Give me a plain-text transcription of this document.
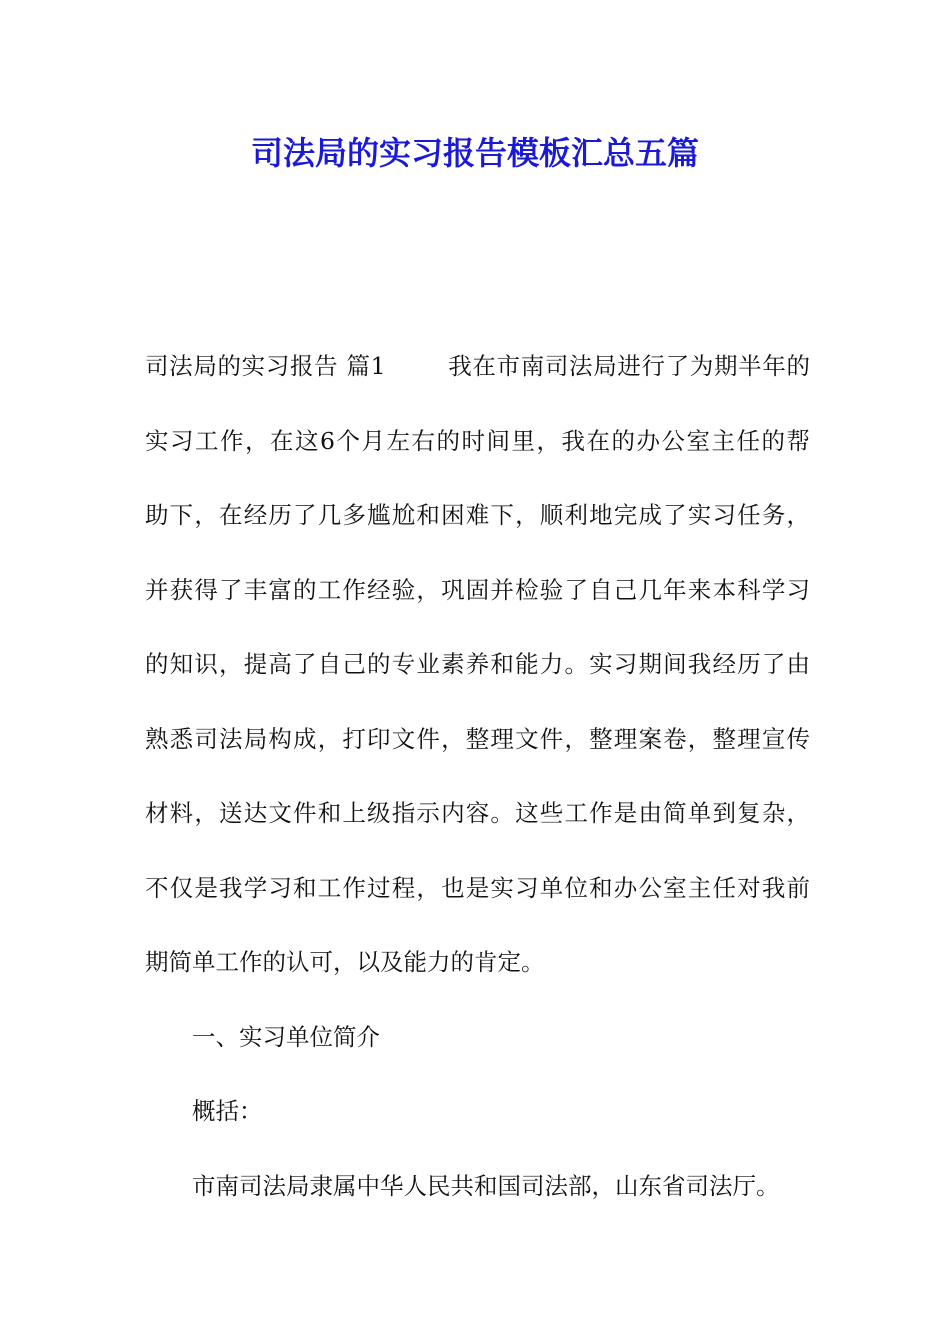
司法局的实习报告模板汇总五篇
司法局的实习报告 篇1	我在市南司法局进行了为期半年的
实习工作，在这6个月左右的时间里，我在的办公室主任的帮
助下，在经历了几多尴尬和困难下，顺利地完成了实习任务，
并获得了丰富的工作经验，巩固并检验了自己几年来本科学习
的知识，提高了自己的专业素养和能力。实习期间我经历了由
熟悉司法局构成，打印文件，整理文件，整理案卷，整理宣传
材料，送达文件和上级指示内容。这些工作是由简单到复杂，
不仅是我学习和工作过程，也是实习单位和办公室主任对我前
期简单工作的认可，以及能力的肯定。
一、实习单位简介
概括：
市南司法局隶属中华人民共和国司法部，山东省司法厅。
